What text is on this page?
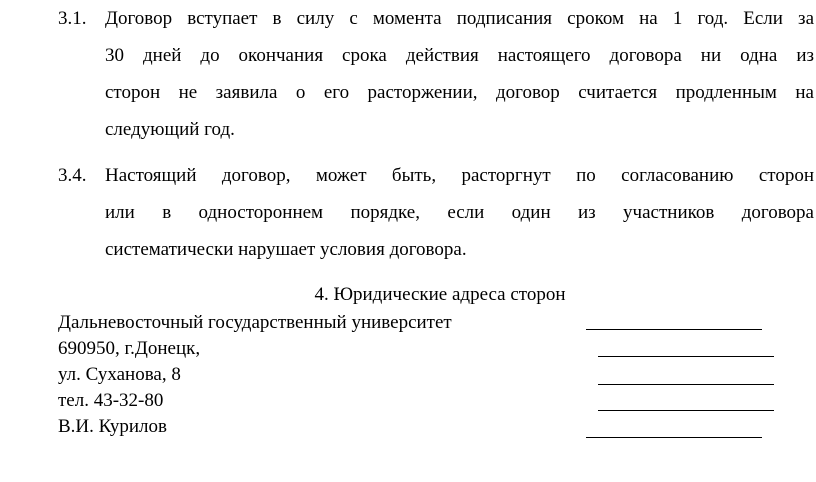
3.1. Договор вступает в силу с момента подписания сроком на 1 год. Если за
30 дней до окончания срока действия настоящего договора ни одна из
сторон не заявила о его расторжении, договор считается продленным на
следующий год.
3.4. Настоящий договор, может быть, расторгнут по согласованию сторон
или в одностороннем порядке, если один из участников договора
систематически нарушает условия договора.
4. Юридические адреса сторон
Дальневосточный государственный университет
690950, г.Донецк,
ул. Суханова, 8
тел. 43-32-80
В.И. Курилов
